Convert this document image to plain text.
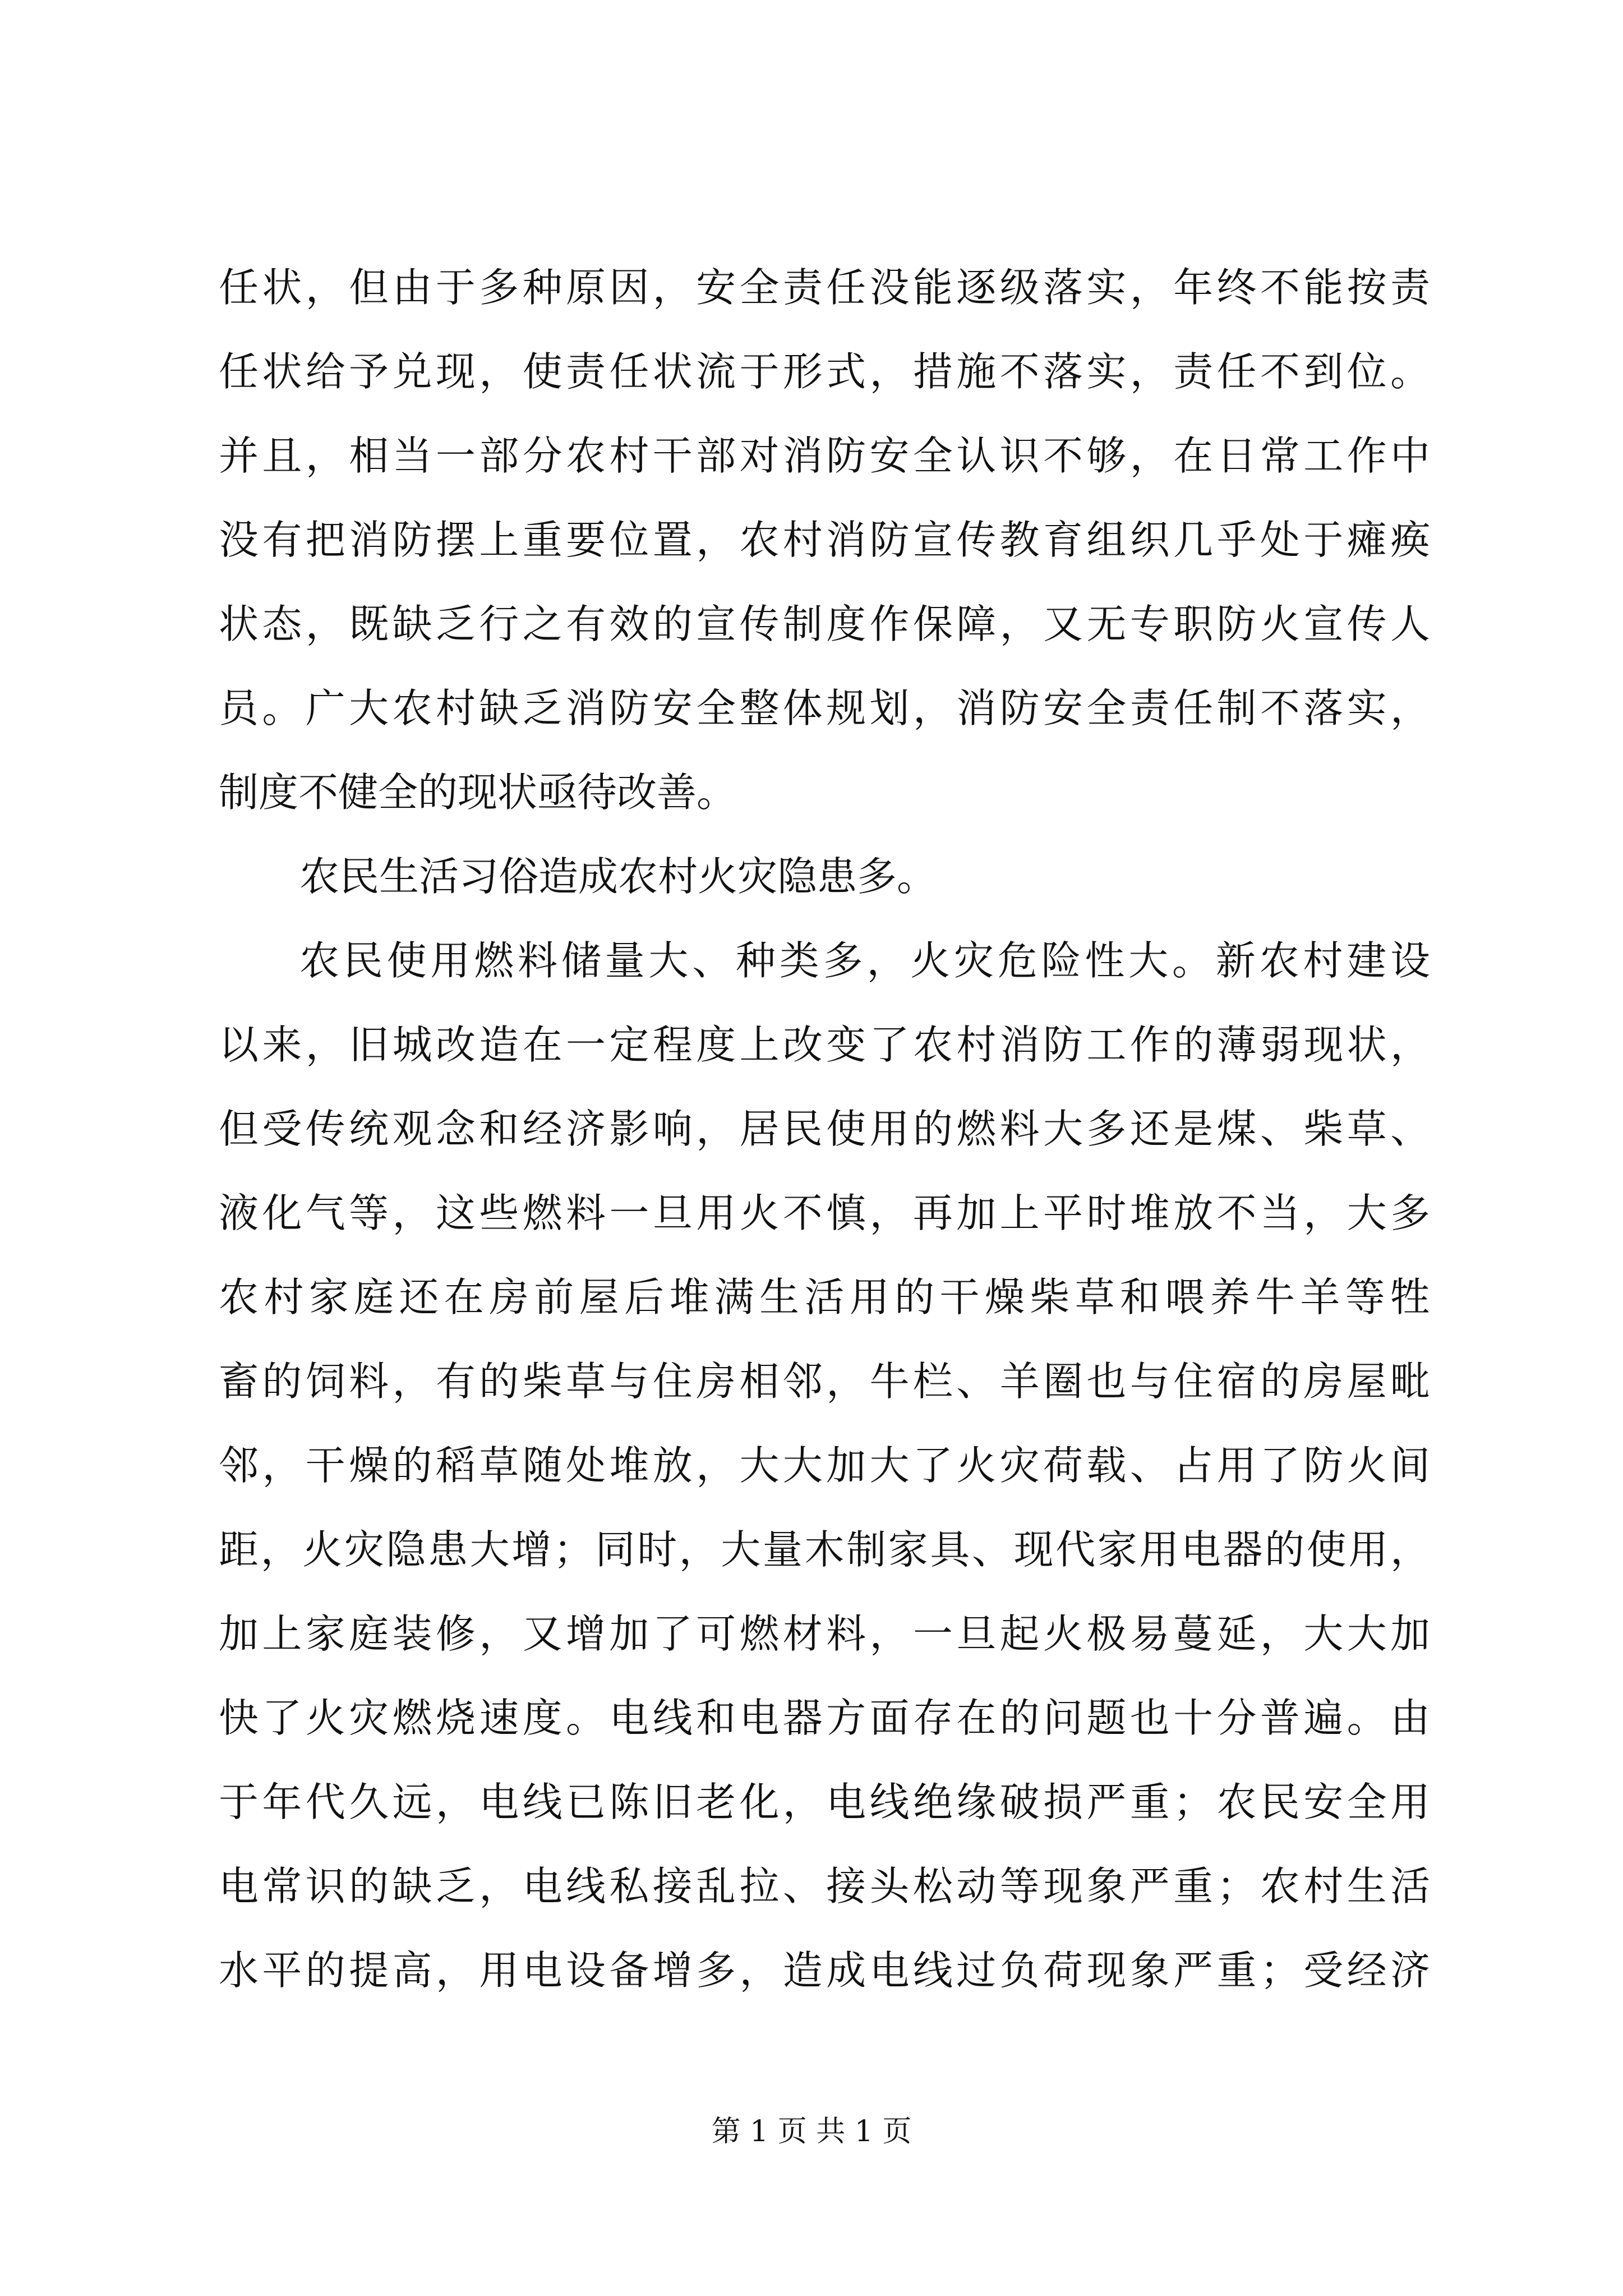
任状，但由于多种原因，安全责任没能逐级落实，年终不能按责
任状给予兑现，使责任状流于形式，措施不落实，责任不到位。
并且，相当一部分农村干部对消防安全认识不够，在日常工作中
没有把消防摆上重要位置，农村消防宣传教育组织几乎处于瘫痪
状态，既缺乏行之有效的宣传制度作保障，又无专职防火宣传人
员。广大农村缺乏消防安全整体规划，消防安全责任制不落实，
制度不健全的现状亟待改善。
农民生活习俗造成农村火灾隐患多。
农民使用燃料储量大、种类多，火灾危险性大。新农村建设
以来，旧城改造在一定程度上改变了农村消防工作的薄弱现状，
但受传统观念和经济影响，居民使用的燃料大多还是煤、柴草、
液化气等，这些燃料一旦用火不慎，再加上平时堆放不当，大多
农村家庭还在房前屋后堆满生活用的干燥柴草和喂养牛羊等牲
畜的饲料，有的柴草与住房相邻，牛栏、羊圈也与住宿的房屋毗
邻，干燥的稻草随处堆放，大大加大了火灾荷载、占用了防火间
距，火灾隐患大增；同时，大量木制家具、现代家用电器的使用，
加上家庭装修，又增加了可燃材料，一旦起火极易蔓延，大大加
快了火灾燃烧速度。电线和电器方面存在的问题也十分普遍。由
于年代久远，电线已陈旧老化，电线绝缘破损严重；农民安全用
电常识的缺乏，电线私接乱拉、接头松动等现象严重；农村生活
水平的提高，用电设备增多，造成电线过负荷现象严重；受经济
第 1 页 共 1 页
